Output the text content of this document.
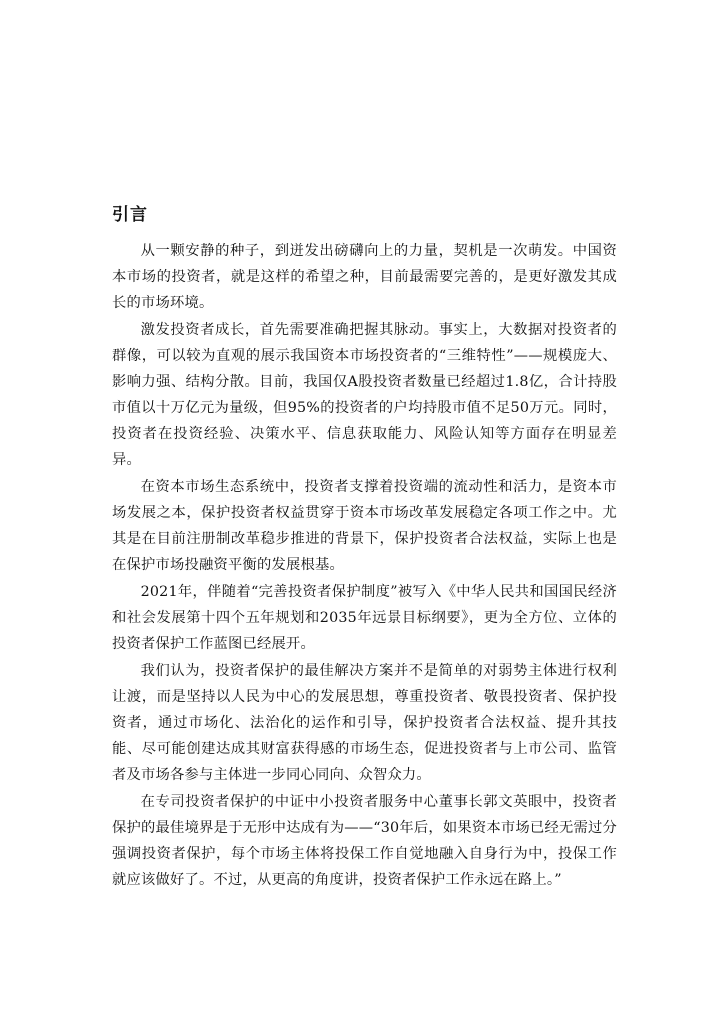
引言

从一颗安静的种子，到迸发出磅礴向上的力量，契机是一次萌发。中国资本市场的投资者，就是这样的希望之种，目前最需要完善的，是更好激发其成长的市场环境。

激发投资者成长，首先需要准确把握其脉动。事实上，大数据对投资者的群像，可以较为直观的展示我国资本市场投资者的“三维特性”——规模庞大、影响力强、结构分散。目前，我国仅A股投资者数量已经超过1.8亿，合计持股市值以十万亿元为量级，但95%的投资者的户均持股市值不足50万元。同时，投资者在投资经验、决策水平、信息获取能力、风险认知等方面存在明显差异。

在资本市场生态系统中，投资者支撑着投资端的流动性和活力，是资本市场发展之本，保护投资者权益贯穿于资本市场改革发展稳定各项工作之中。尤其是在目前注册制改革稳步推进的背景下，保护投资者合法权益，实际上也是在保护市场投融资平衡的发展根基。

2021年，伴随着“完善投资者保护制度”被写入《中华人民共和国国民经济和社会发展第十四个五年规划和2035年远景目标纲要》，更为全方位、立体的投资者保护工作蓝图已经展开。

我们认为，投资者保护的最佳解决方案并不是简单的对弱势主体进行权利让渡，而是坚持以人民为中心的发展思想，尊重投资者、敬畏投资者、保护投资者，通过市场化、法治化的运作和引导，保护投资者合法权益、提升其技能、尽可能创建达成其财富获得感的市场生态，促进投资者与上市公司、监管者及市场各参与主体进一步同心同向、众智众力。

在专司投资者保护的中证中小投资者服务中心董事长郭文英眼中，投资者保护的最佳境界是于无形中达成有为——“30年后，如果资本市场已经无需过分强调投资者保护，每个市场主体将投保工作自觉地融入自身行为中，投保工作就应该做好了。不过，从更高的角度讲，投资者保护工作永远在路上。”
